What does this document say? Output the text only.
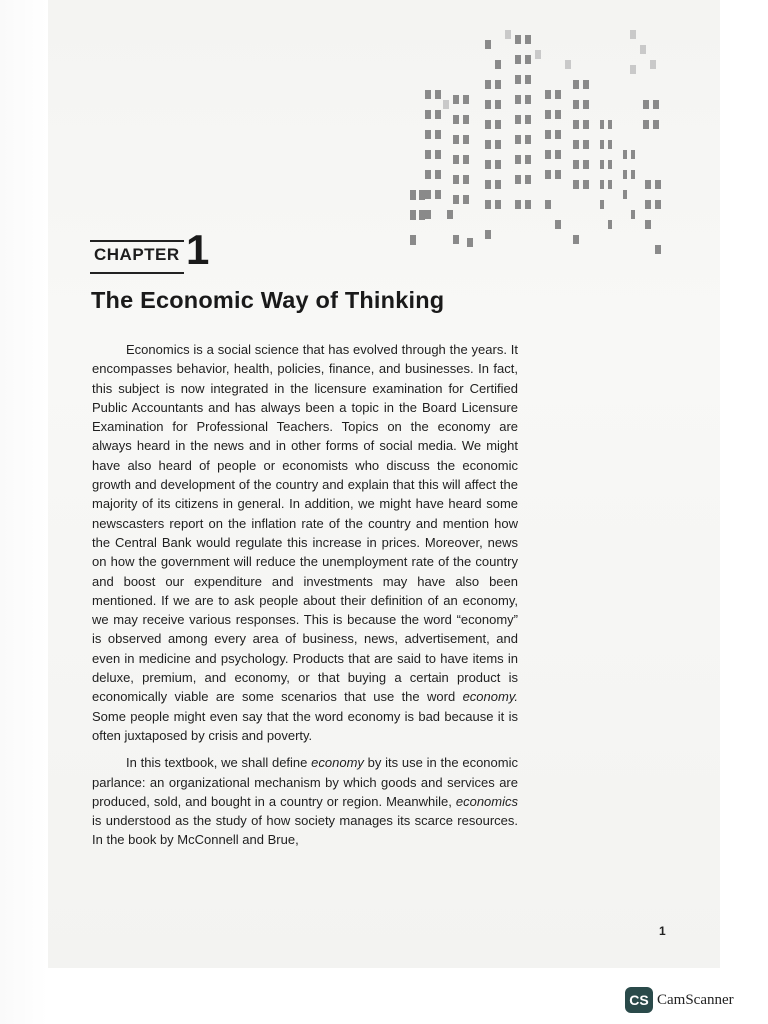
CHAPTER 1
The Economic Way of Thinking

Economics is a social science that has evolved through the years. It encompasses behavior, health, policies, finance, and businesses. In fact, this subject is now integrated in the licensure examination for Certified Public Accountants and has always been a topic in the Board Licensure Examination for Professional Teachers. Topics on the economy are always heard in the news and in other forms of social media. We might have also heard of people or economists who discuss the economic growth and development of the country and explain that this will affect the majority of its citizens in general. In addition, we might have heard some newscasters report on the inflation rate of the country and mention how the Central Bank would regulate this increase in prices. Moreover, news on how the government will reduce the unemployment rate of the country and boost our expenditure and investments may have also been mentioned. If we are to ask people about their definition of an economy, we may receive various responses. This is because the word “economy” is observed among every area of business, news, advertisement, and even in medicine and psychology. Products that are said to have items in deluxe, premium, and economy, or that buying a certain product is economically viable are some scenarios that use the word economy. Some people might even say that the word economy is bad because it is often juxtaposed by crisis and poverty.

In this textbook, we shall define economy by its use in the economic parlance: an organizational mechanism by which goods and services are produced, sold, and bought in a country or region. Meanwhile, economics is understood as the study of how society manages its scarce resources. In the book by McConnell and Brue,

1
CS CamScanner
